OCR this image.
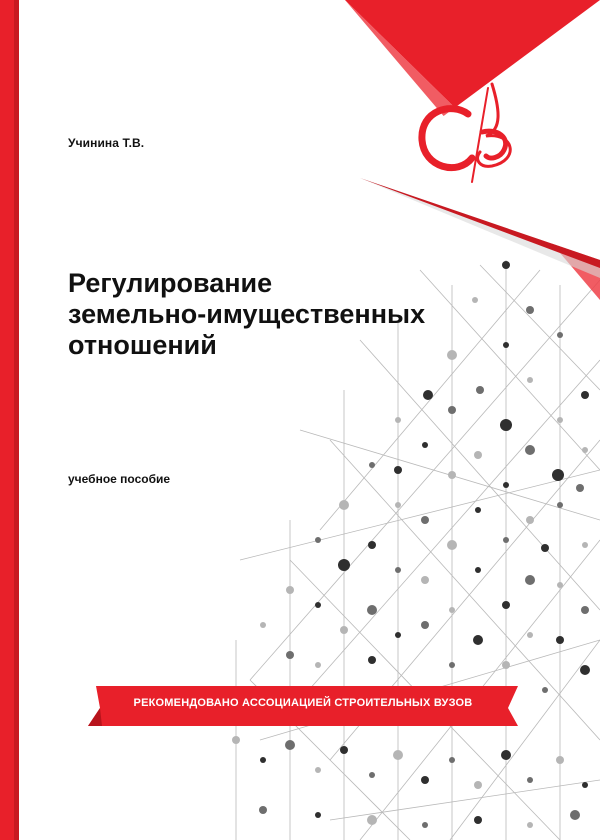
Учинина Т.В.

Регулирование
земельно-имущественных
отношений

учебное пособие

РЕКОМЕНДОВАНО АССОЦИАЦИЕЙ СТРОИТЕЛЬНЫХ ВУЗОВ
